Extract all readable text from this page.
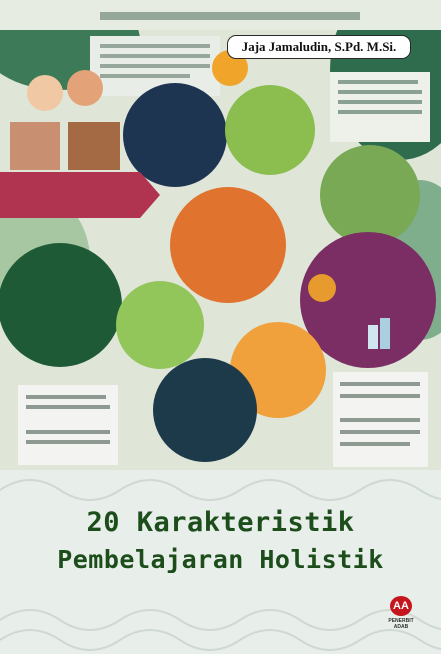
Jaja Jamaludin, S.Pd. M.Si.
20 Karakteristik
Pembelajaran Holistik
AA
PENERBIT ADAB
